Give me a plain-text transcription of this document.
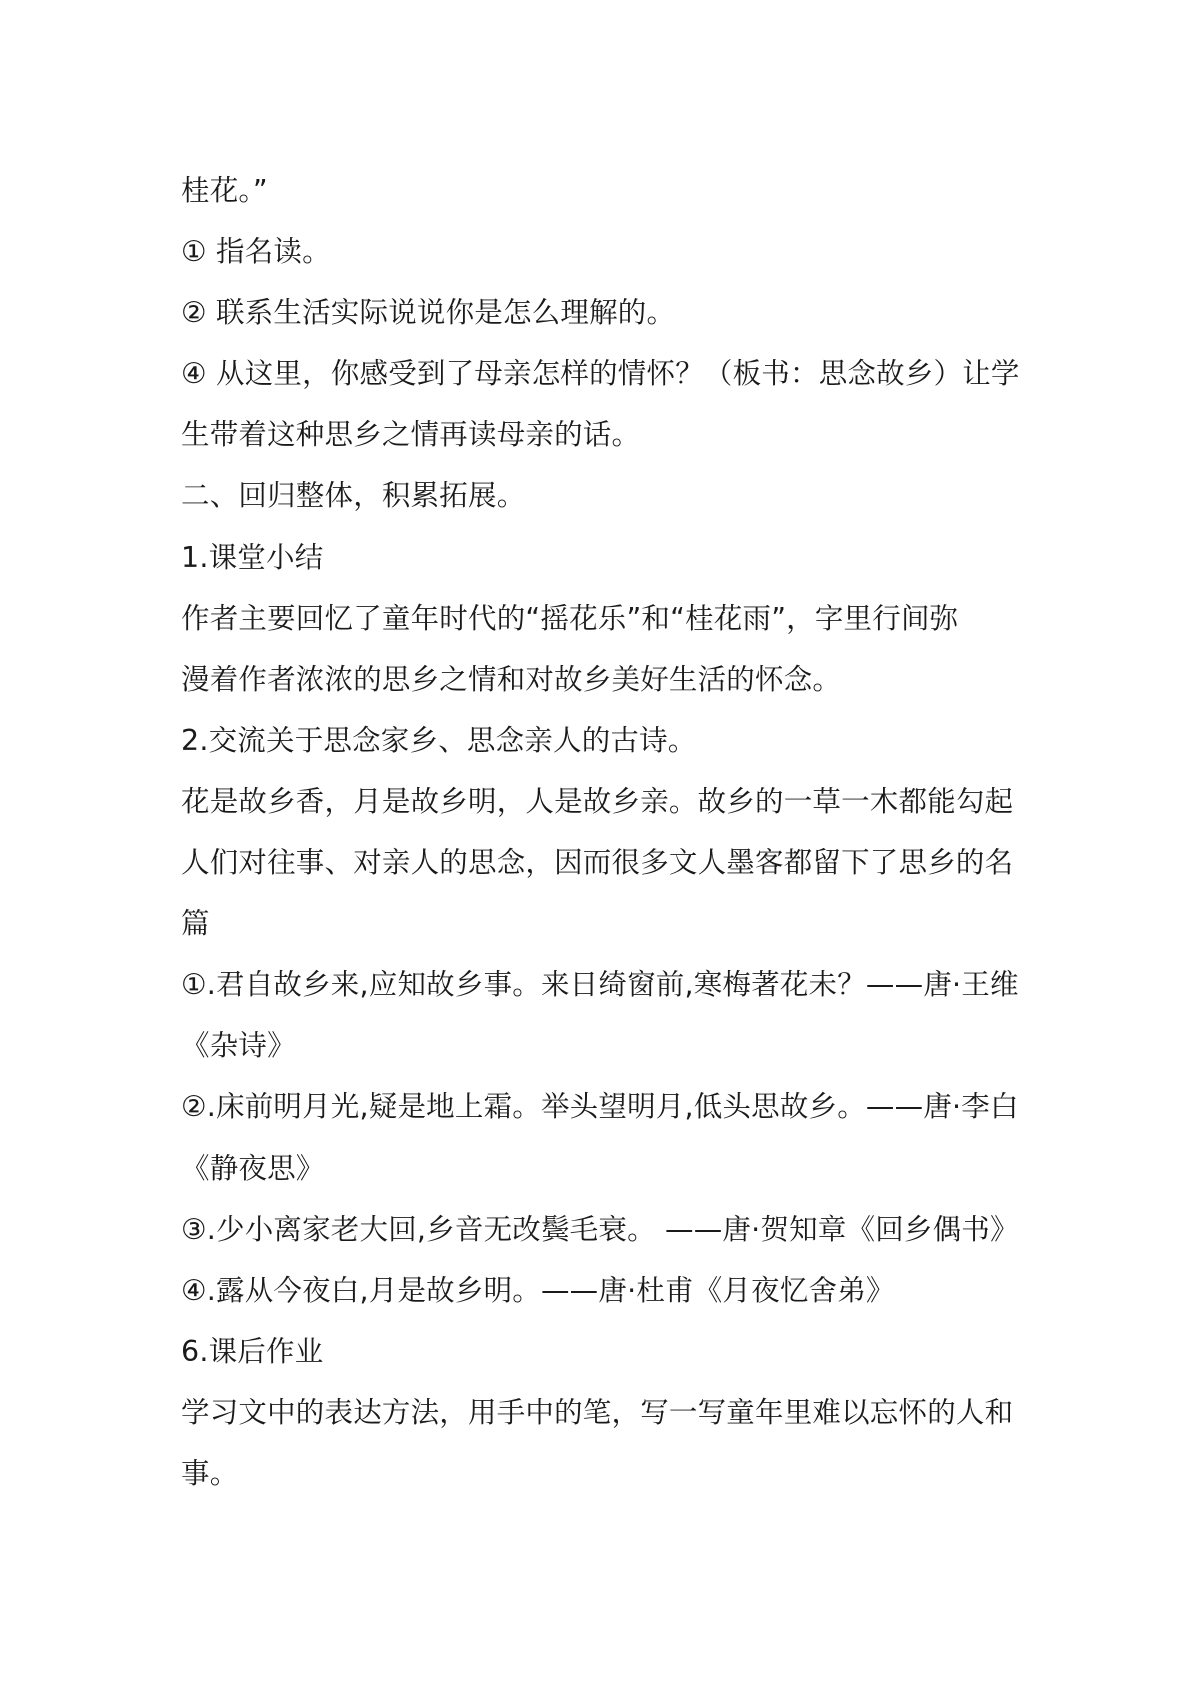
桂花。”

① 指名读。

② 联系生活实际说说你是怎么理解的。

④ 从这里，你感受到了母亲怎样的情怀？（板书：思念故乡）让学

生带着这种思乡之情再读母亲的话。

二、回归整体，积累拓展。

1.课堂小结

作者主要回忆了童年时代的“摇花乐”和“桂花雨”，字里行间弥

漫着作者浓浓的思乡之情和对故乡美好生活的怀念。

2.交流关于思念家乡、思念亲人的古诗。

花是故乡香，月是故乡明，人是故乡亲。故乡的一草一木都能勾起

人们对往事、对亲人的思念，因而很多文人墨客都留下了思乡的名

篇

①.君自故乡来,应知故乡事。来日绮窗前,寒梅著花未？——唐·王维

《杂诗》

②.床前明月光,疑是地上霜。举头望明月,低头思故乡。——唐·李白

《静夜思》

③.少小离家老大回,乡音无改鬓毛衰。 ——唐·贺知章《回乡偶书》

④.露从今夜白,月是故乡明。——唐·杜甫《月夜忆舍弟》

6.课后作业

学习文中的表达方法，用手中的笔，写一写童年里难以忘怀的人和

事。
